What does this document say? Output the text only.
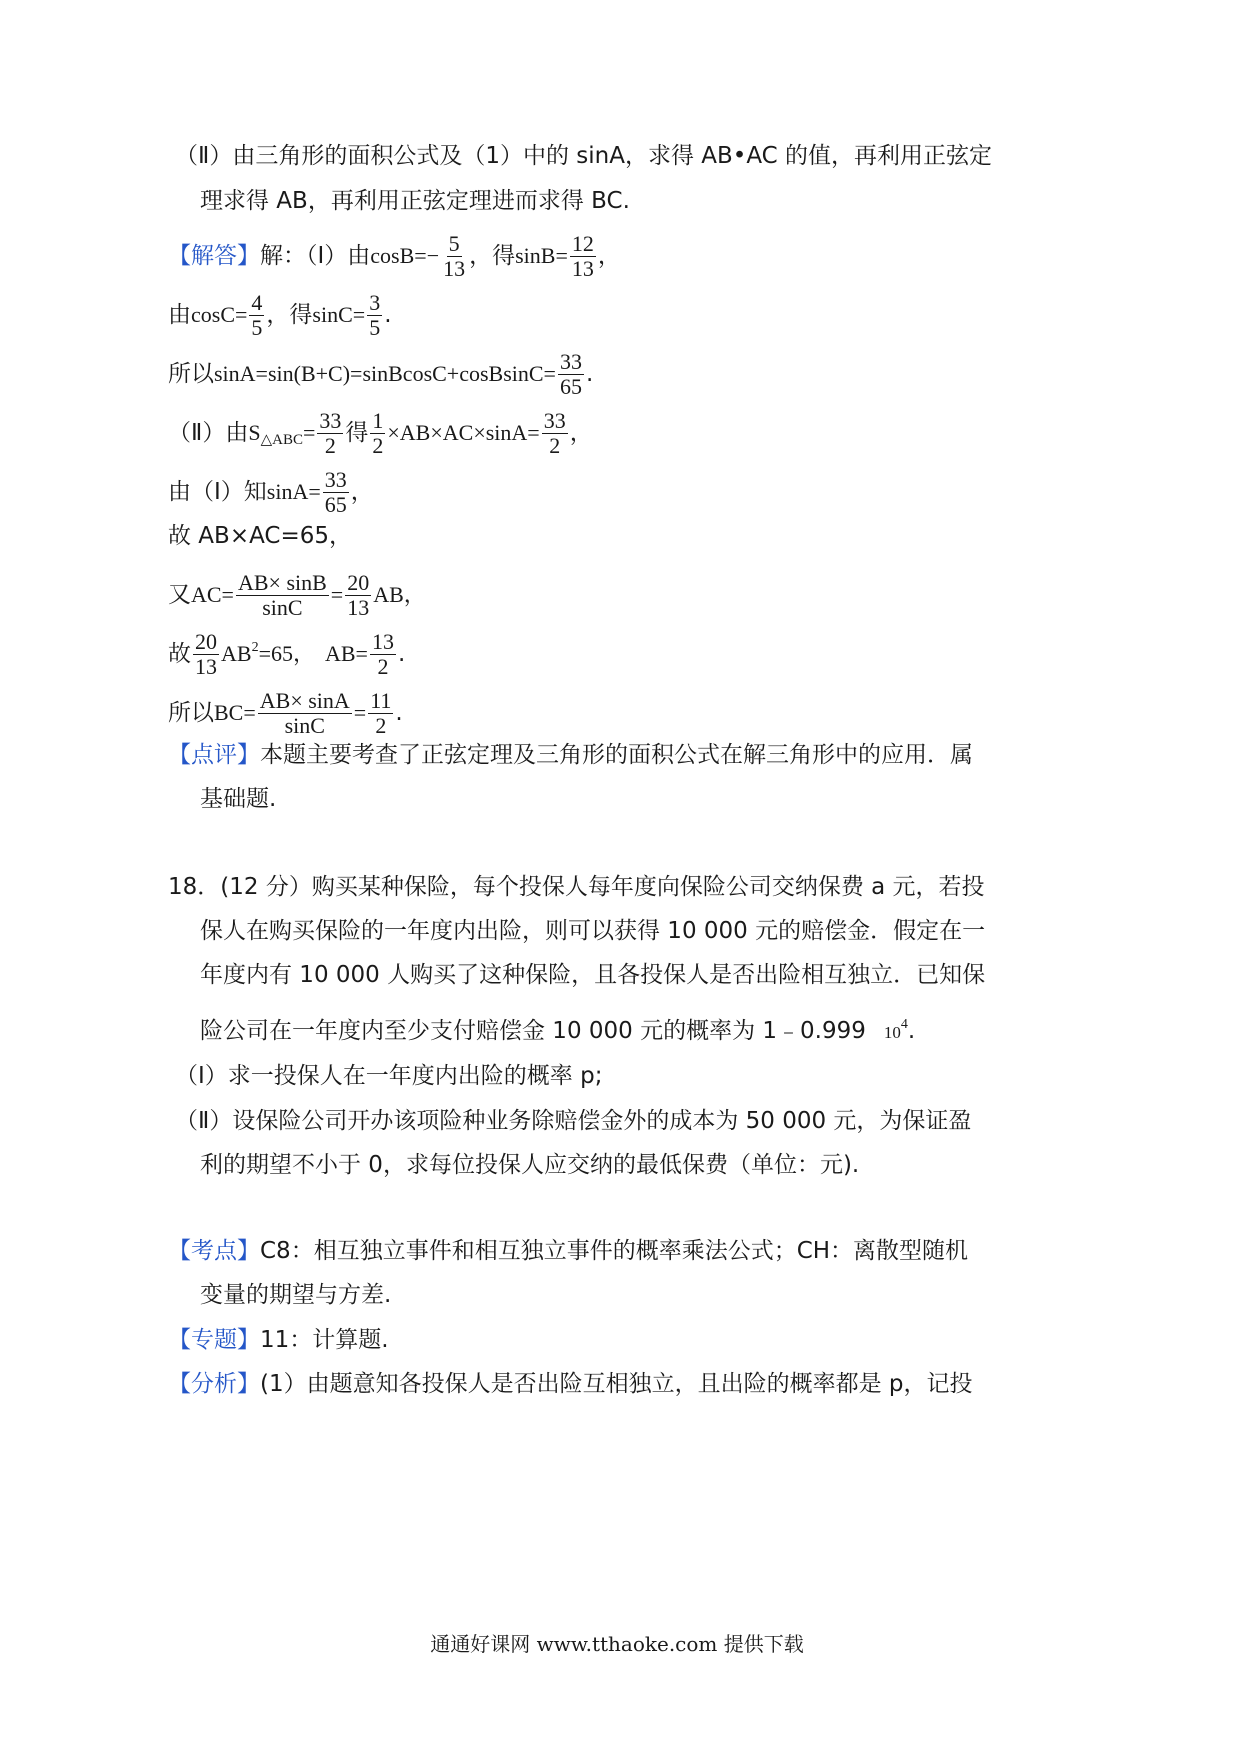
（Ⅱ）由三角形的面积公式及（1）中的 sinA，求得 AB•AC 的值，再利用正弦定
理求得 AB，再利用正弦定理进而求得 BC.
【解答】解：（Ⅰ）由$\cos B=- \frac{5}{13}$ ，得$\sin B= \frac{12}{13}$ ，
由$\cos C= \frac{4}{5}$ ，得$\sin C= \frac{3}{5}$ .
所以sinA=sin(B+C)=sinBcosC+cosBsinC= $\frac{33}{65}$ .
（Ⅱ）由$S_{\triangle ABC}= \frac{33}{2}$ 得 $\frac{1}{2} \times AB\times AC\times\sin A= \frac{33}{2}$ ，
由（Ⅰ）知$\sin A= \frac{33}{65}$ ，
故 AB×AC=65，
又$AC= \frac{AB\times \sin B}{\sin C} = \frac{20}{13}$ AB，
故 $\frac{20}{13} AB^2=65$， $AB= \frac{13}{2}$ .
所以$BC= \frac{AB\times \sin A}{\sin C} = \frac{11}{2}$ .
【点评】本题主要考查了正弦定理及三角形的面积公式在解三角形中的应用．属
基础题.
18．(12 分）购买某种保险，每个投保人每年度向保险公司交纳保费 a 元，若投
保人在购买保险的一年度内出险，则可以获得 10 000 元的赔偿金．假定在一
年度内有 10 000 人购买了这种保险，且各投保人是否出险相互独立．已知保
险公司在一年度内至少支付赔偿金 10 000 元的概率为 1﹣0.999 $10^4$.
（Ⅰ）求一投保人在一年度内出险的概率 p;
（Ⅱ）设保险公司开办该项险种业务除赔偿金外的成本为 50 000 元，为保证盈
利的期望不小于 0，求每位投保人应交纳的最低保费（单位：元).
【考点】C8：相互独立事件和相互独立事件的概率乘法公式；CH：离散型随机
变量的期望与方差.
【专题】11：计算题.
【分析】(1）由题意知各投保人是否出险互相独立，且出险的概率都是 p，记投
通通好课网 www.tthaoke.com 提供下载
